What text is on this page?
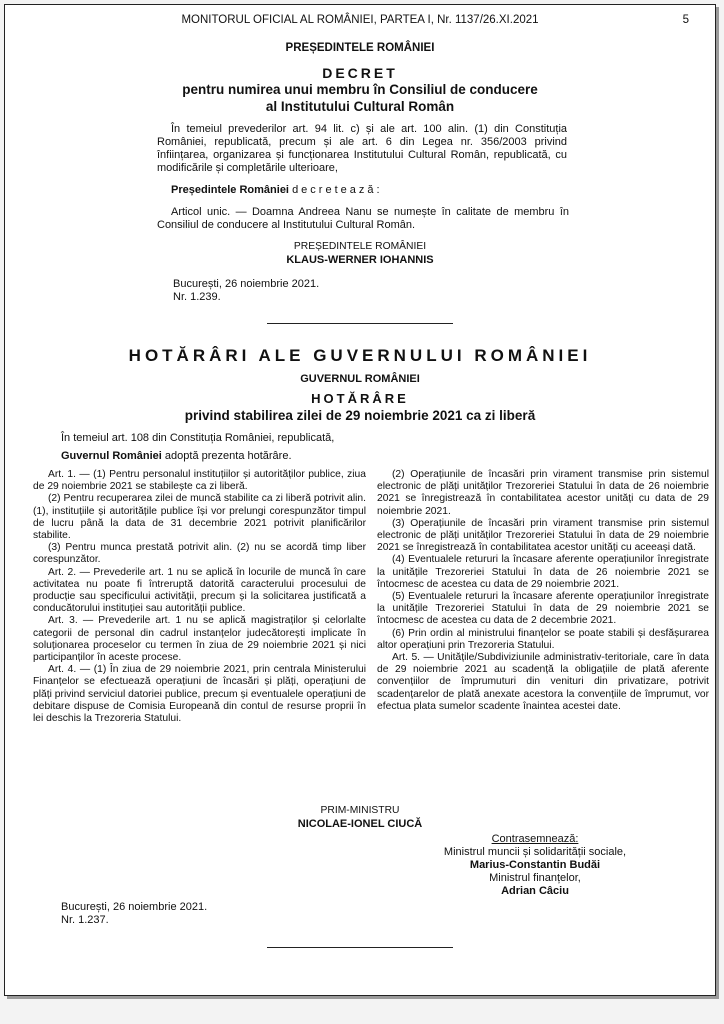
MONITORUL OFICIAL AL ROMÂNIEI, PARTEA I, Nr. 1137/26.XI.2021	5
PREȘEDINTELE ROMÂNIEI
DECRET
pentru numirea unui membru în Consiliul de conducere
al Institutului Cultural Român
În temeiul prevederilor art. 94 lit. c) și ale art. 100 alin. (1) din Constituția României, republicată, precum și ale art. 6 din Legea nr. 356/2003 privind înființarea, organizarea și funcționarea Institutului Cultural Român, republicată, cu modificările și completările ulterioare,
Președintele României decretează:
Articol unic. — Doamna Andreea Nanu se numește în calitate de membru în Consiliul de conducere al Institutului Cultural Român.
PREȘEDINTELE ROMÂNIEI
KLAUS-WERNER IOHANNIS
București, 26 noiembrie 2021.
Nr. 1.239.
HOTĂRÂRI ALE GUVERNULUI ROMÂNIEI
GUVERNUL ROMÂNIEI
HOTĂRÂRE
privind stabilirea zilei de 29 noiembrie 2021 ca zi liberă
În temeiul art. 108 din Constituția României, republicată,
Guvernul României adoptă prezenta hotărâre.

Art. 1. — (1) Pentru personalul instituțiilor și autorităților publice, ziua de 29 noiembrie 2021 se stabilește ca zi liberă.

(2) Pentru recuperarea zilei de muncă stabilite ca zi liberă potrivit alin. (1), instituțiile și autoritățile publice își vor prelungi corespunzător timpul de lucru până la data de 31 decembrie 2021 potrivit planificărilor stabilite.

(3) Pentru munca prestată potrivit alin. (2) nu se acordă timp liber corespunzător.

Art. 2. — Prevederile art. 1 nu se aplică în locurile de muncă în care activitatea nu poate fi întreruptă datorită caracterului procesului de producție sau specificului activității, precum și la solicitarea justificată a conducătorului instituției sau autorității publice.

Art. 3. — Prevederile art. 1 nu se aplică magistraților și celorlalte categorii de personal din cadrul instanțelor judecătorești implicate în soluționarea proceselor cu termen în ziua de 29 noiembrie 2021 și nici participanților în aceste procese.

Art. 4. — (1) În ziua de 29 noiembrie 2021, prin centrala Ministerului Finanțelor se efectuează operațiuni de încasări și plăți, operațiuni de plăți privind serviciul datoriei publice, precum și eventualele operațiuni de debitare dispuse de Comisia Europeană din contul de resurse proprii în lei deschis la Trezoreria Statului.

(2) Operațiunile de încasări prin virament transmise prin sistemul electronic de plăți unităților Trezoreriei Statului în data de 26 noiembrie 2021 se înregistrează în contabilitatea acestor unități cu data de 29 noiembrie 2021.

(3) Operațiunile de încasări prin virament transmise prin sistemul electronic de plăți unităților Trezoreriei Statului în data de 29 noiembrie 2021 se înregistrează în contabilitatea acestor unități cu aceeași dată.

(4) Eventualele retururi la încasare aferente operațiunilor înregistrate la unitățile Trezoreriei Statului în data de 26 noiembrie 2021 se întocmesc de acestea cu data de 29 noiembrie 2021.

(5) Eventualele retururi la încasare aferente operațiunilor înregistrate la unitățile Trezoreriei Statului în data de 29 noiembrie 2021 se întocmesc de acestea cu data de 2 decembrie 2021.

(6) Prin ordin al ministrului finanțelor se poate stabili și desfășurarea altor operațiuni prin Trezoreria Statului.

Art. 5. — Unitățile/Subdiviziunile administrativ-teritoriale, care în data de 29 noiembrie 2021 au scadență la obligațiile de plată aferente convențiilor de împrumuturi din venituri din privatizare, potrivit scadențarelor de plată anexate acestora la convențiile de împrumut, vor efectua plata sumelor scadente înaintea acestei date.

PRIM-MINISTRU
NICOLAE-IONEL CIUCĂ
Contrasemnează:
Ministrul muncii și solidarității sociale,
Marius-Constantin Budăi
Ministrul finanțelor,
Adrian Câciu
București, 26 noiembrie 2021.
Nr. 1.237.
